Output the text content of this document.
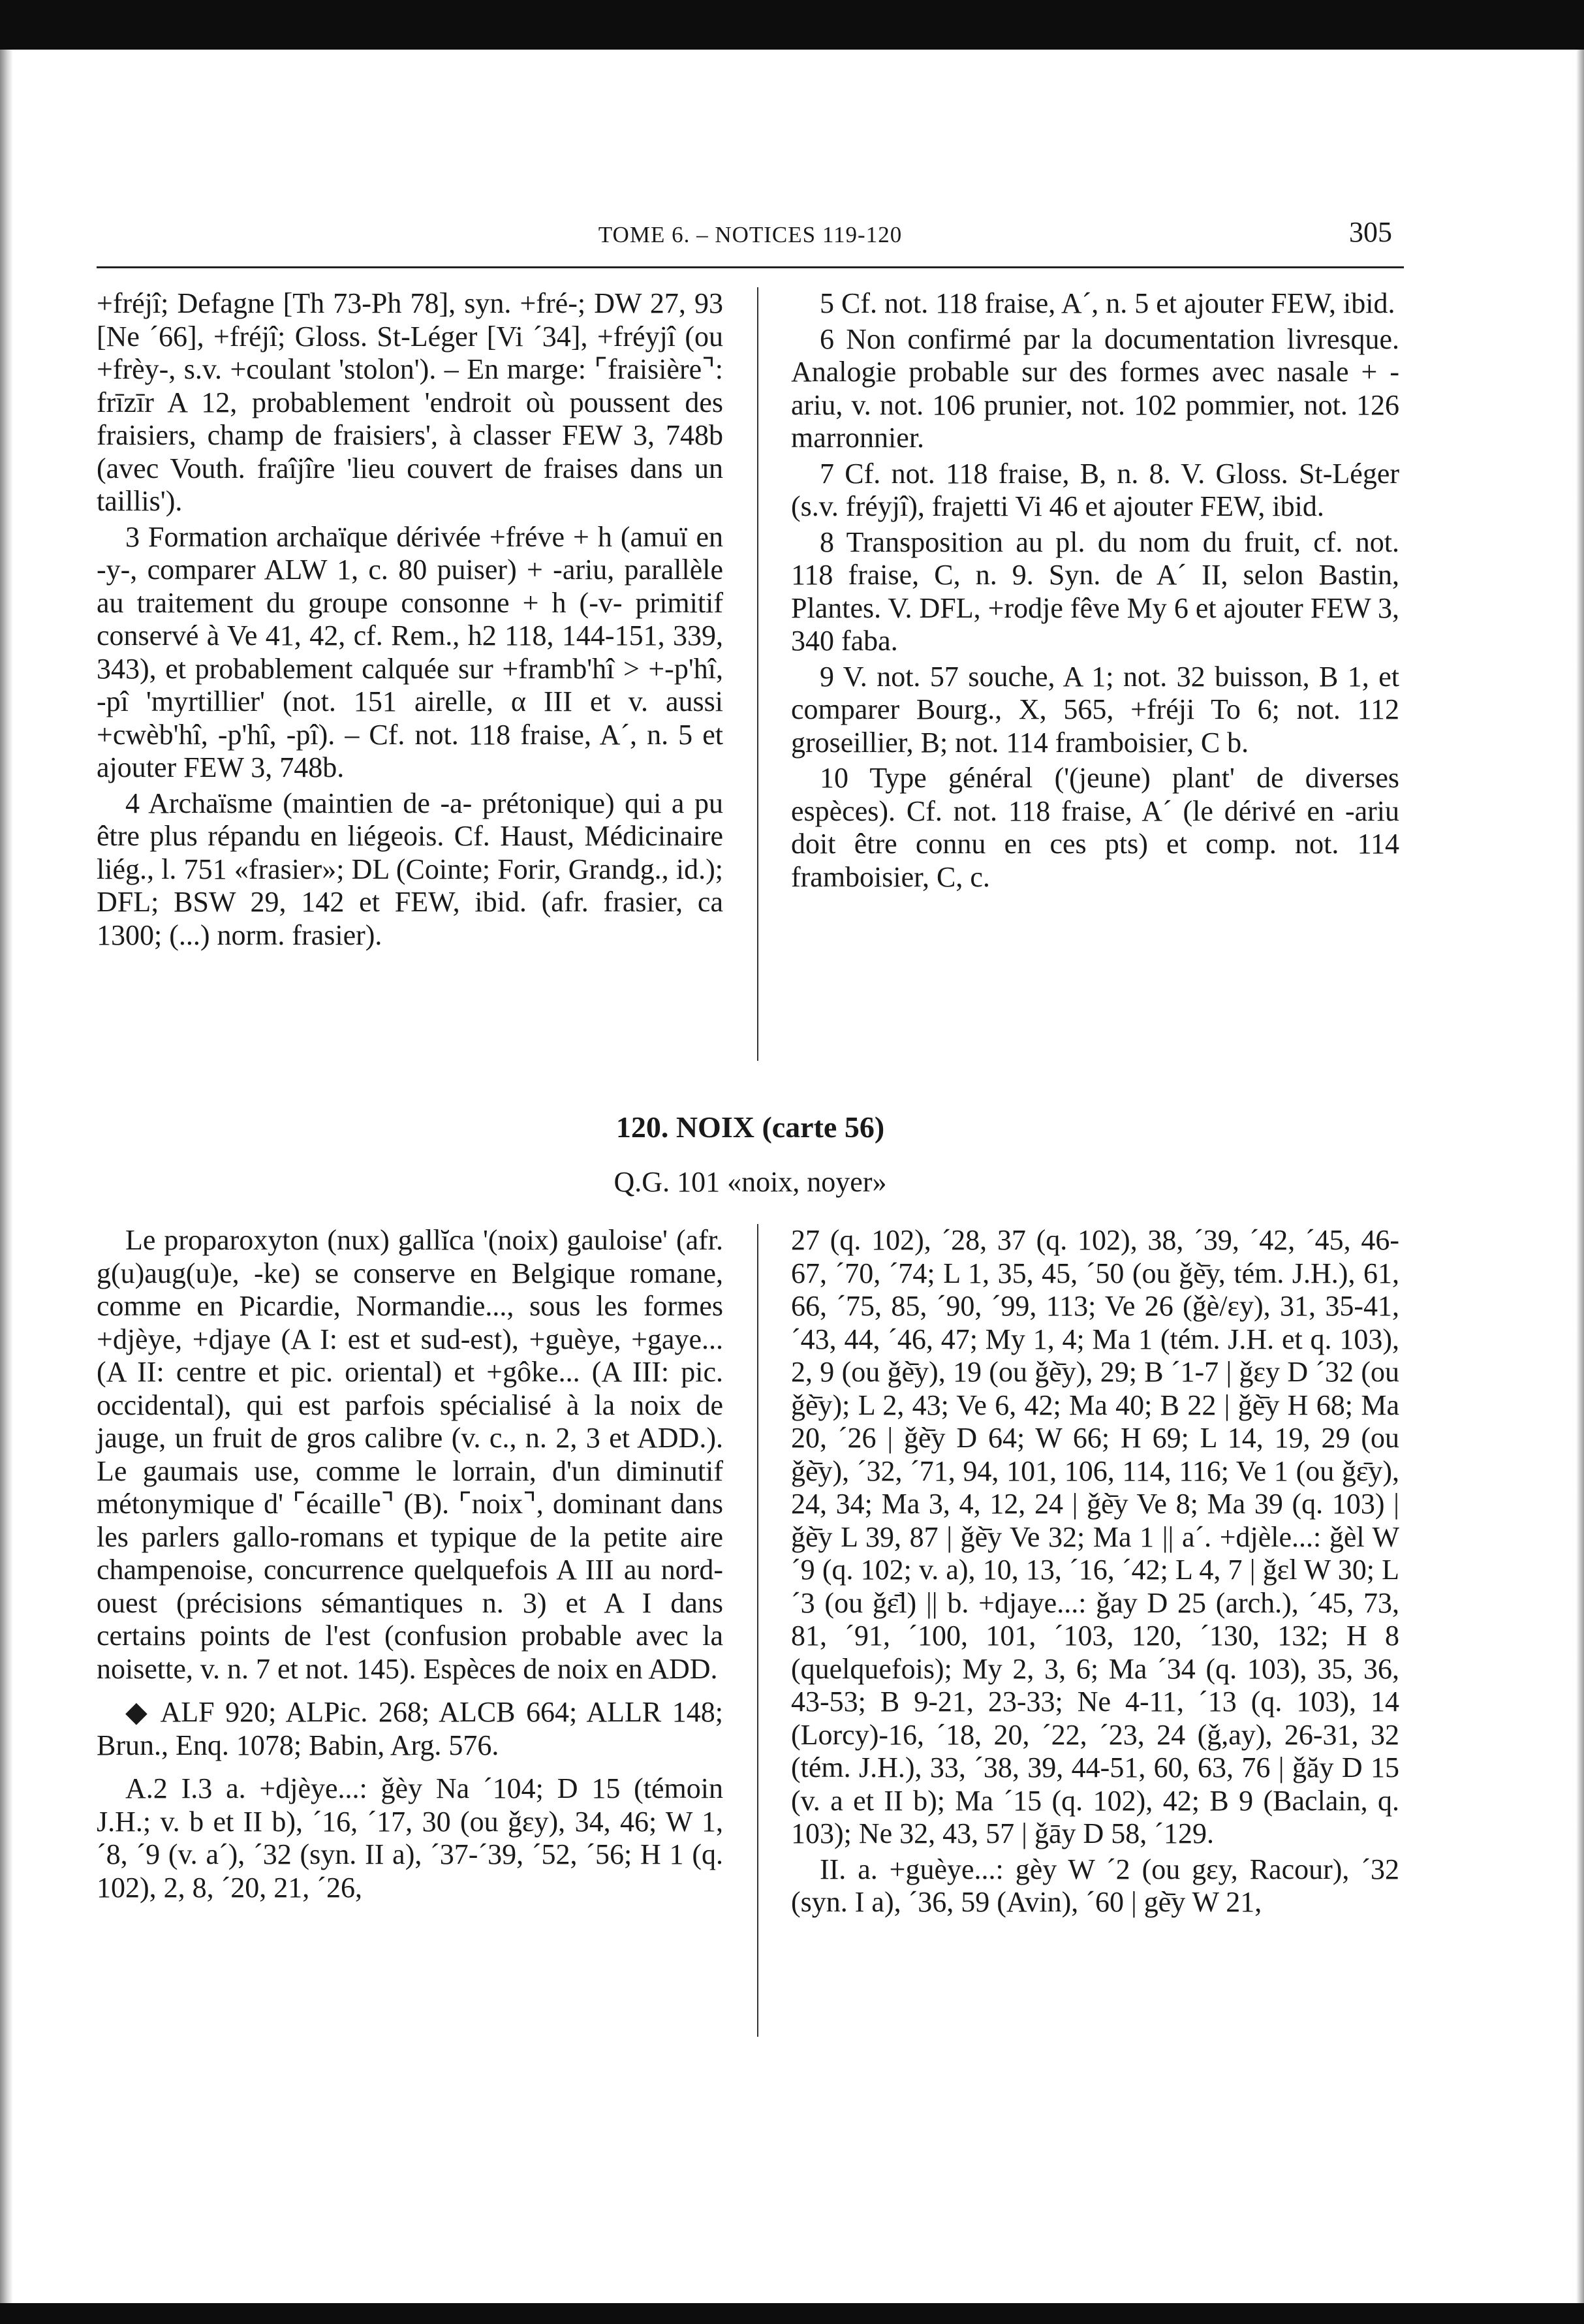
TOME 6. – NOTICES 119-120	305

+fréjî; Defagne [Th 73-Ph 78], syn. +fré-; DW 27, 93 [Ne ´66], +fréjî; Gloss. St-Léger [Vi ´34], +fréyjî (ou +frèy-, s.v. +coulant 'stolon'). – En marge: ⌜fraisière⌝: frīzīr A 12, probablement 'endroit où poussent des fraisiers, champ de fraisiers', à classer FEW 3, 748b (avec Vouth. fraîjîre 'lieu couvert de fraises dans un taillis').

3 Formation archaïque dérivée +fréve + h (amuï en -y-, comparer ALW 1, c. 80 puiser) + -ariu, parallèle au traitement du groupe consonne + h (-v- primitif conservé à Ve 41, 42, cf. Rem., h2 118, 144-151, 339, 343), et probablement calquée sur +framb'hî > +-p'hî, -pî 'myrtillier' (not. 151 airelle, α III et v. aussi +cwèb'hî, -p'hî, -pî). – Cf. not. 118 fraise, A´, n. 5 et ajouter FEW 3, 748b.

4 Archaïsme (maintien de -a- prétonique) qui a pu être plus répandu en liégeois. Cf. Haust, Médicinaire liég., l. 751 «frasier»; DL (Cointe; Forir, Grandg., id.); DFL; BSW 29, 142 et FEW, ibid. (afr. frasier, ca 1300; (...) norm. frasier).

5 Cf. not. 118 fraise, A´, n. 5 et ajouter FEW, ibid.

6 Non confirmé par la documentation livresque. Analogie probable sur des formes avec nasale + -ariu, v. not. 106 prunier, not. 102 pommier, not. 126 marronnier.

7 Cf. not. 118 fraise, B, n. 8. V. Gloss. St-Léger (s.v. fréyjî), frajetti Vi 46 et ajouter FEW, ibid.

8 Transposition au pl. du nom du fruit, cf. not. 118 fraise, C, n. 9. Syn. de A´ II, selon Bastin, Plantes. V. DFL, +rodje fêve My 6 et ajouter FEW 3, 340 faba.

9 V. not. 57 souche, A 1; not. 32 buisson, B 1, et comparer Bourg., X, 565, +fréji To 6; not. 112 groseillier, B; not. 114 framboisier, C b.

10 Type général ('(jeune) plant' de diverses espèces). Cf. not. 118 fraise, A´ (le dérivé en -ariu doit être connu en ces pts) et comp. not. 114 framboisier, C, c.

120. NOIX (carte 56)
Q.G. 101 «noix, noyer»

Le proparoxyton (nux) gallĭca '(noix) gauloise' (afr. g(u)aug(u)e, -ke) se conserve en Belgique romane, comme en Picardie, Normandie..., sous les formes +djèye, +djaye (A I: est et sud-est), +guèye, +gaye... (A II: centre et pic. oriental) et +gôke... (A III: pic. occidental), qui est parfois spécialisé à la noix de jauge, un fruit de gros calibre (v. c., n. 2, 3 et ADD.). Le gaumais use, comme le lorrain, d'un diminutif métonymique d' ⌜écaille⌝ (B). ⌜noix⌝, dominant dans les parlers gallo-romans et typique de la petite aire champenoise, concurrence quelquefois A III au nord-ouest (précisions sémantiques n. 3) et A I dans certains points de l'est (confusion probable avec la noisette, v. n. 7 et not. 145). Espèces de noix en ADD.

◆ ALF 920; ALPic. 268; ALCB 664; ALLR 148; Brun., Enq. 1078; Babin, Arg. 576.

A.2 I.3 a. +djèye...: ǧèy Na ´104; D 15 (témoin J.H.; v. b et II b), ´16, ´17, 30 (ou ǧɛy), 34, 46; W 1, ´8, ´9 (v. a´), ´32 (syn. II a), ´37-´39, ´52, ´56; H 1 (q. 102), 2, 8, ´20, 21, ´26,

27 (q. 102), ´28, 37 (q. 102), 38, ´39, ´42, ´45, 46-67, ´70, ´74; L 1, 35, 45, ´50 (ou ǧè̄y, tém. J.H.), 61, 66, ´75, 85, ´90, ´99, 113; Ve 26 (ǧè/ɛy), 31, 35-41, ´43, 44, ´46, 47; My 1, 4; Ma 1 (tém. J.H. et q. 103), 2, 9 (ou ǧè̄y), 19 (ou ǧè̄y), 29; B ´1-7 | ǧɛy D ´32 (ou ǧè̄y); L 2, 43; Ve 6, 42; Ma 40; B 22 | ǧè̄y H 68; Ma 20, ´26 | ǧè̄y D 64; W 66; H 69; L 14, 19, 29 (ou ǧè̄y), ´32, ´71, 94, 101, 106, 114, 116; Ve 1 (ou ǧɛ̄y), 24, 34; Ma 3, 4, 12, 24 | ǧè̄y Ve 8; Ma 39 (q. 103) | ǧè̄y L 39, 87 | ǧè̄y Ve 32; Ma 1 || a´. +djèle...: ǧèl W ´9 (q. 102; v. a), 10, 13, ´16, ´42; L 4, 7 | ǧɛl W 30; L ´3 (ou ǧɛ̄l) || b. +djaye...: ǧay D 25 (arch.), ´45, 73, 81, ´91, ´100, 101, ´103, 120, ´130, 132; H 8 (quelquefois); My 2, 3, 6; Ma ´34 (q. 103), 35, 36, 43-53; B 9-21, 23-33; Ne 4-11, ´13 (q. 103), 14 (Lorcy)-16, ´18, 20, ´22, ´23, 24 (ǧ,ay), 26-31, 32 (tém. J.H.), 33, ´38, 39, 44-51, 60, 63, 76 | ǧăy D 15 (v. a et II b); Ma ´15 (q. 102), 42; B 9 (Baclain, q. 103); Ne 32, 43, 57 | ǧāy D 58, ´129.

II. a. +guèye...: gèy W ´2 (ou gɛy, Racour), ´32 (syn. I a), ´36, 59 (Avin), ´60 | gè̄y W 21,
